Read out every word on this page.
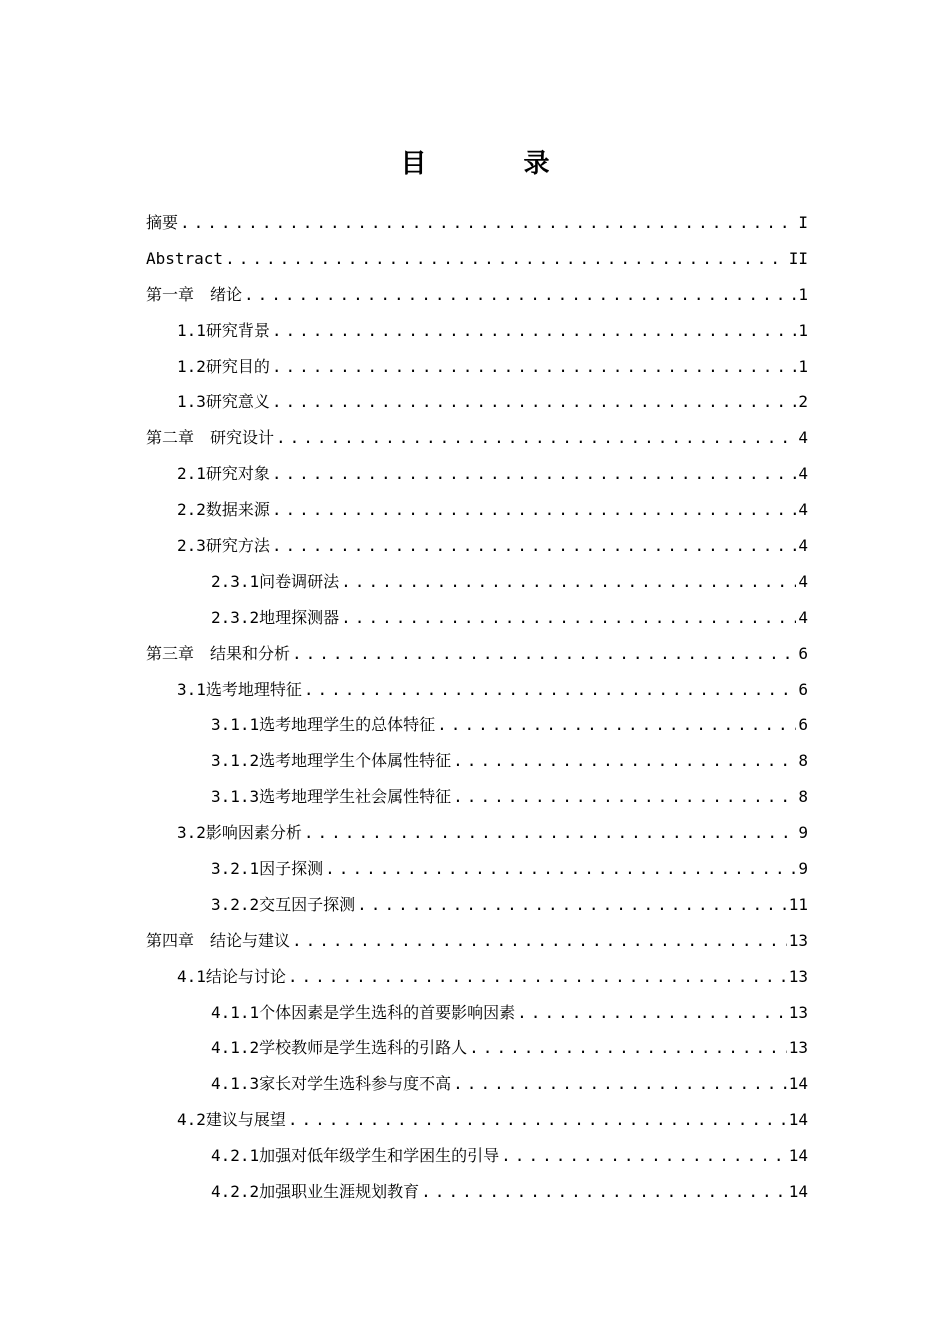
目 录
摘要 .....	I
Abstract .....	II
第一章　绪论 .....	1
1.1研究背景 .....	1
1.2研究目的 .....	1
1.3研究意义 .....	2
第二章　研究设计 .....	4
2.1研究对象 .....	4
2.2数据来源 .....	4
2.3研究方法 .....	4
2.3.1问卷调研法 .....	4
2.3.2地理探测器 .....	4
第三章　结果和分析 .....	6
3.1选考地理特征 .....	6
3.1.1选考地理学生的总体特征 .....	6
3.1.2选考地理学生个体属性特征 .....	8
3.1.3选考地理学生社会属性特征 .....	8
3.2影响因素分析 .....	9
3.2.1因子探测 .....	9
3.2.2交互因子探测 .....	11
第四章　结论与建议 .....	13
4.1结论与讨论 .....	13
4.1.1个体因素是学生选科的首要影响因素 .....	13
4.1.2学校教师是学生选科的引路人 .....	13
4.1.3家长对学生选科参与度不高 .....	14
4.2建议与展望 .....	14
4.2.1加强对低年级学生和学困生的引导 .....	14
4.2.2加强职业生涯规划教育 .....	14
